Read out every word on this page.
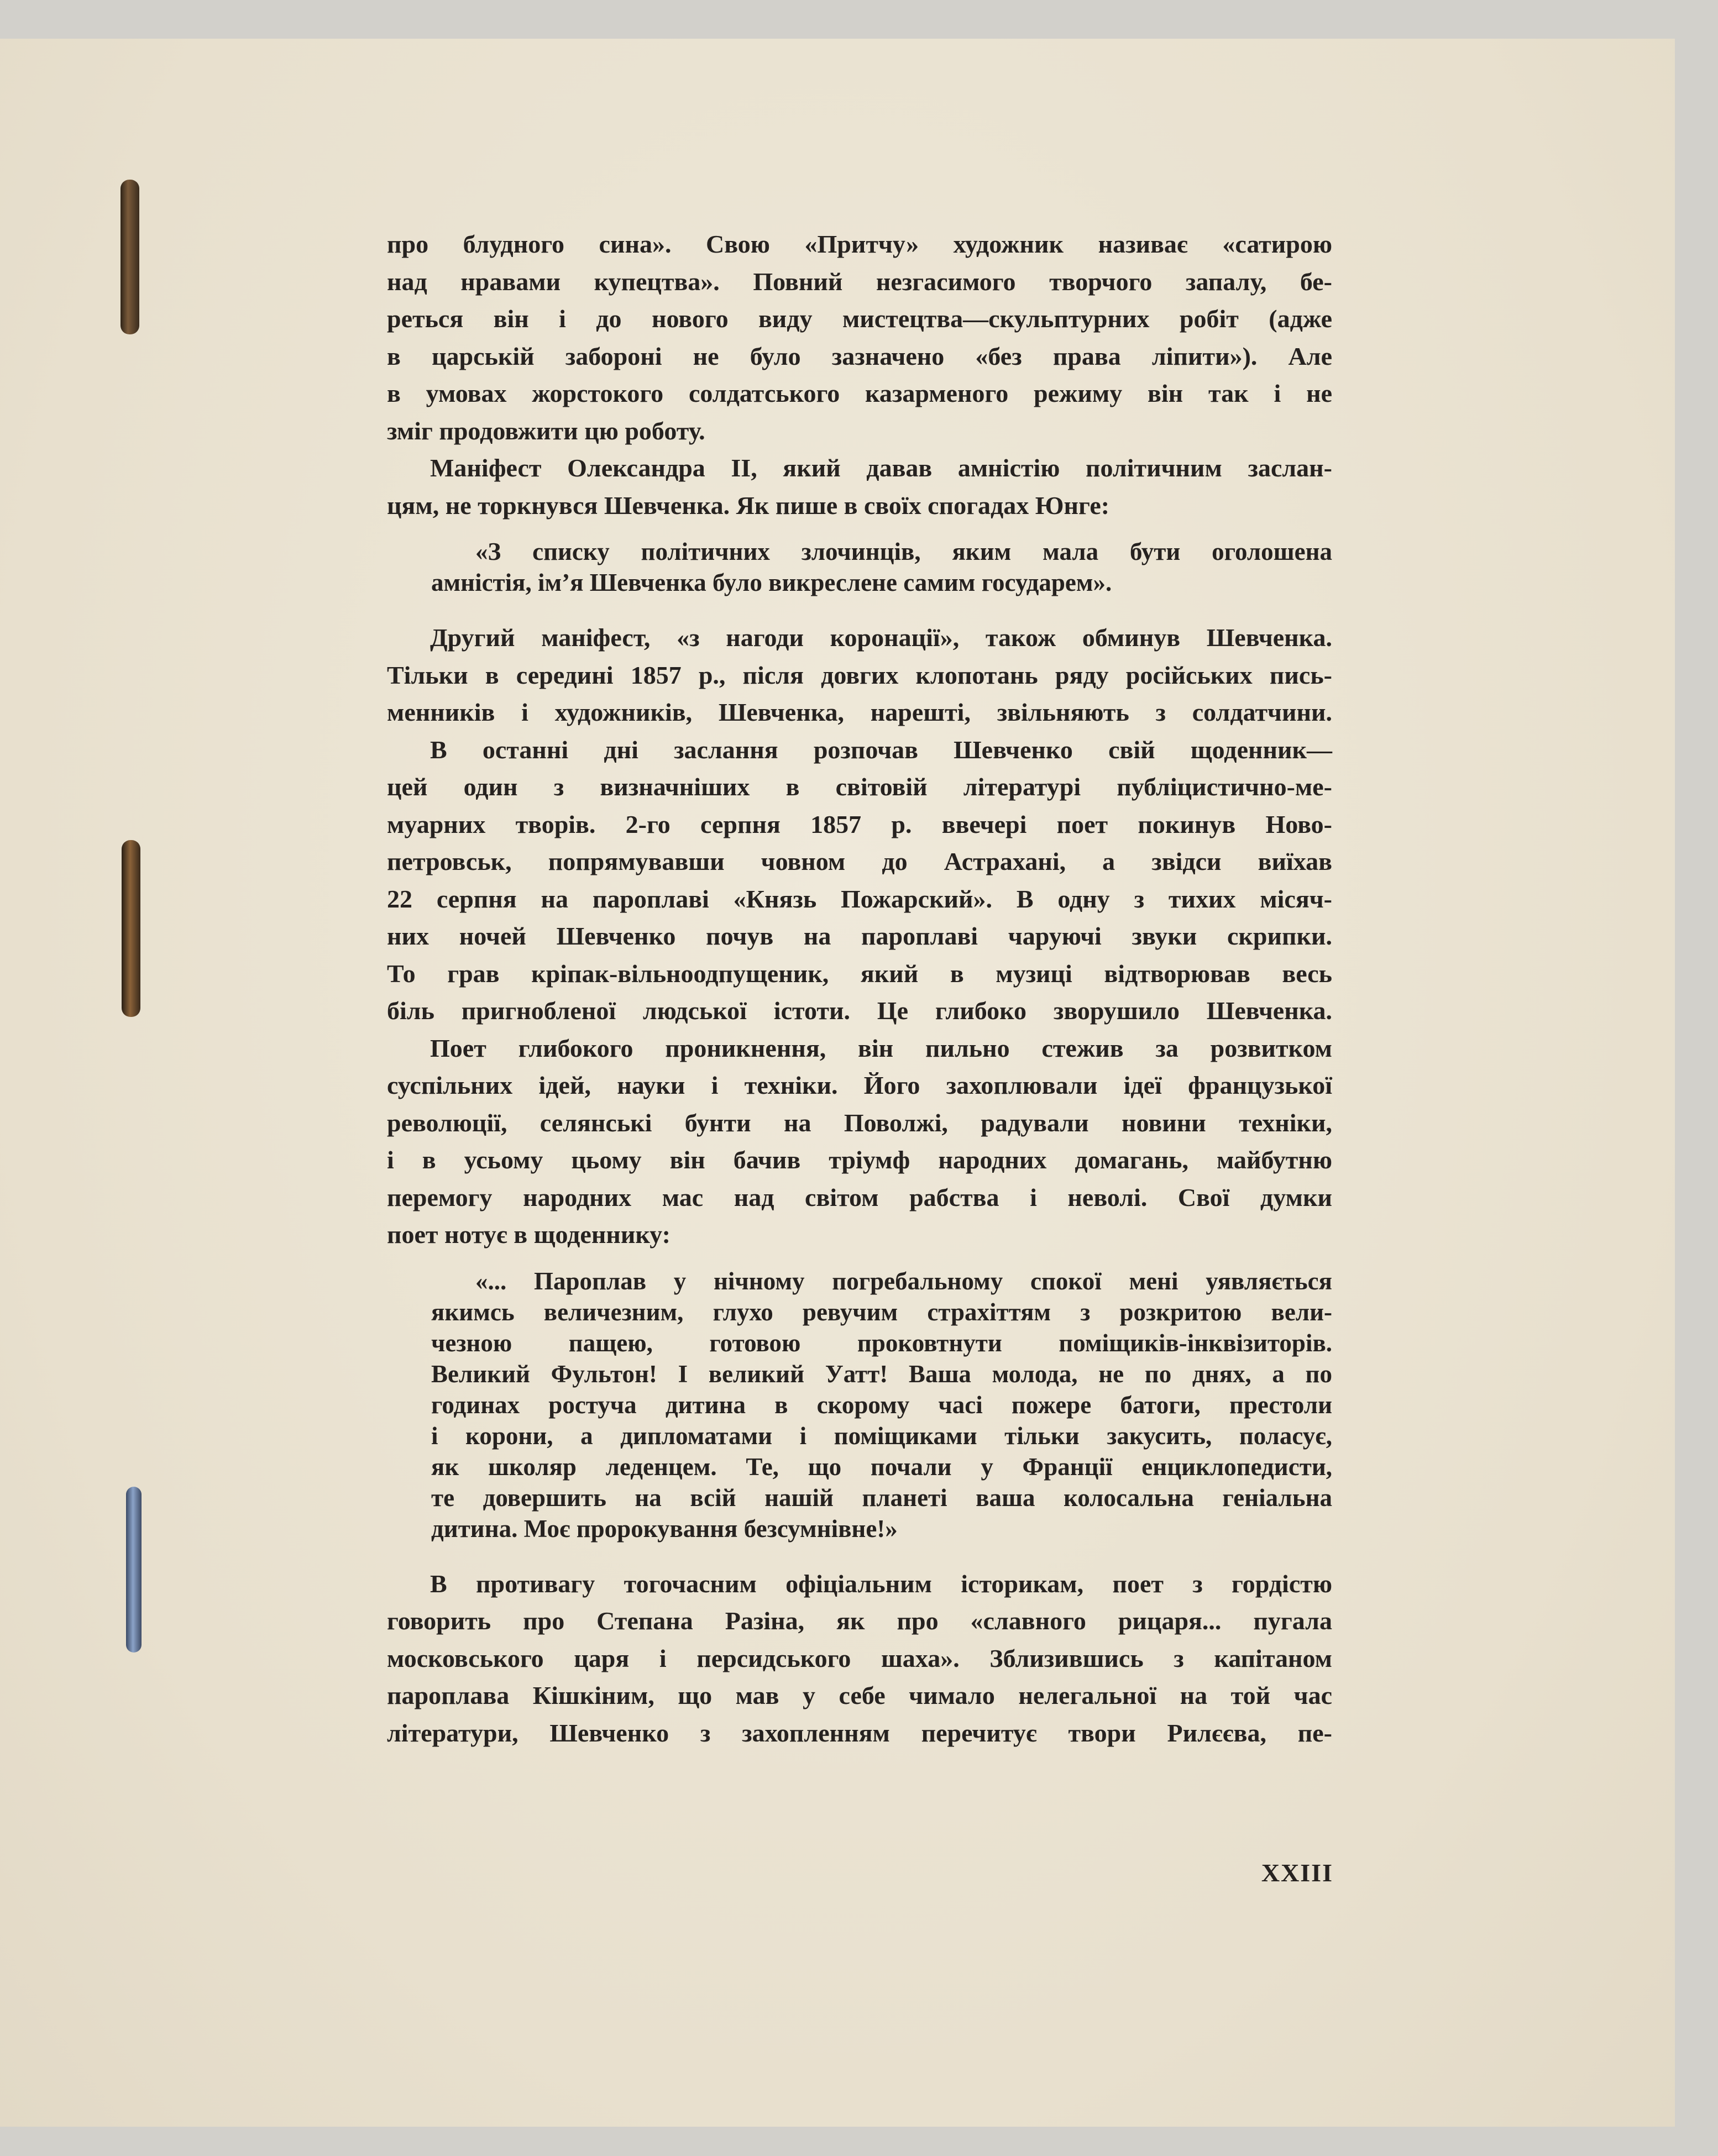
про блудного сина». Свою «Притчу» художник називає «сатирою
над нравами купецтва». Повний незгасимого творчого запалу, бе-
реться він і до нового виду мистецтва—скульптурних робіт (адже
в царській забороні не було зазначено «без права ліпити»). Але
в умовах жорстокого солдатського казарменого режиму він так і не
зміг продовжити цю роботу.
Маніфест Олександра II, який давав амністію політичним заслан-
цям, не торкнувся Шевченка. Як пише в своїх спогадах Юнге:
«З списку політичних злочинців, яким мала бути оголошена
амністія, ім’я Шевченка було викреслене самим государем».
Другий маніфест, «з нагоди коронації», також обминув Шевченка.
Тільки в середині 1857 р., після довгих клопотань ряду російських пись-
менників і художників, Шевченка, нарешті, звільняють з солдатчини.
В останні дні заслання розпочав Шевченко свій щоденник—
цей один з визначніших в світовій літературі публіцистично-ме-
муарних творів. 2-го серпня 1857 р. ввечері поет покинув Ново-
петровськ, попрямувавши човном до Астрахані, а звідси виїхав
22 серпня на пароплаві «Князь Пожарский». В одну з тихих місяч-
них ночей Шевченко почув на пароплаві чаруючі звуки скрипки.
То грав кріпак-вільноодпущеник, який в музиці відтворював весь
біль пригнобленої людської істоти. Це глибоко зворушило Шевченка.
Поет глибокого проникнення, він пильно стежив за розвитком
суспільних ідей, науки і техніки. Його захоплювали ідеї французької
революції, селянські бунти на Поволжі, радували новини техніки,
і в усьому цьому він бачив тріумф народних домагань, майбутню
перемогу народних мас над світом рабства і неволі. Свої думки
поет нотує в щоденнику:
«... Пароплав у нічному погребальному спокої мені уявляється
якимсь величезним, глухо ревучим страхіттям з розкритою вели-
чезною пащею, готовою проковтнути поміщиків-інквізиторів.
Великий Фультон! І великий Уатт! Ваша молода, не по днях, а по
годинах ростуча дитина в скорому часі пожере батоги, престоли
і корони, а дипломатами і поміщиками тільки закусить, поласує,
як школяр леденцем. Те, що почали у Франції енциклопедисти,
те довершить на всій нашій планеті ваша колосальна геніальна
дитина. Моє пророкування безсумнівне!»
В противагу тогочасним офіціальним історикам, поет з гордістю
говорить про Степана Разіна, як про «славного рицаря... пугала
московського царя і персидського шаха». Зблизившись з капітаном
пароплава Кішкіним, що мав у себе чимало нелегальної на той час
літератури, Шевченко з захопленням перечитує твори Рилєєва, пе-
XXIII
